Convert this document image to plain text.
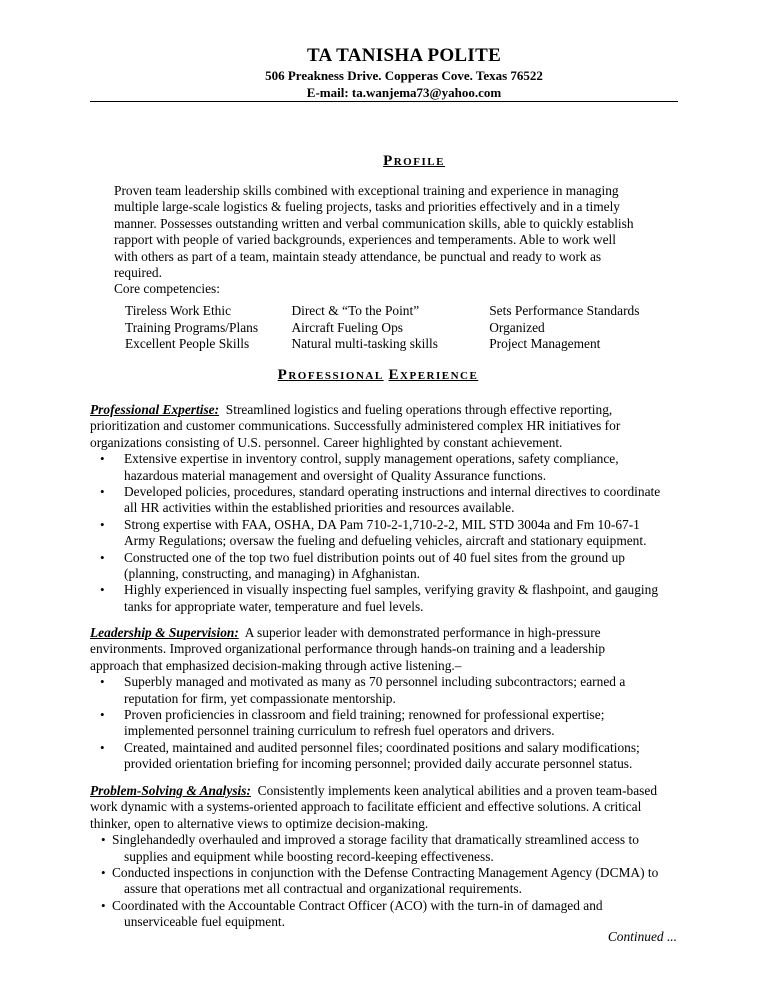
TA TANISHA POLITE
506 Preakness Drive. Copperas Cove. Texas 76522
E-mail: ta.wanjema73@yahoo.com
PROFILE

Proven team leadership skills combined with exceptional training and experience in managing

multiple large-scale logistics & fueling projects, tasks and priorities effectively and in a timely

manner. Possesses outstanding written and verbal communication skills, able to quickly establish

rapport with people of varied backgrounds, experiences and temperaments. Able to work well

with others as part of a team, maintain steady attendance, be punctual and ready to work as

required.

Core competencies:

Tireless Work Ethic	Direct & “To the Point”	Sets Performance Standards
Training Programs/Plans	Aircraft Fueling Ops	Organized
Excellent People Skills	Natural multi-tasking skills	Project Management
PROFESSIONAL EXPERIENCE

Professional Expertise:  Streamlined logistics and fueling operations through effective reporting,

prioritization and customer communications. Successfully administered complex HR initiatives for

organizations consisting of U.S. personnel. Career highlighted by constant achievement.

• Extensive expertise in inventory control, supply management operations, safety compliance,
hazardous material management and oversight of Quality Assurance functions.
• Developed policies, procedures, standard operating instructions and internal directives to coordinate
all HR activities within the established priorities and resources available.
• Strong expertise with FAA, OSHA, DA Pam 710-2-1,710-2-2, MIL STD 3004a and Fm 10-67-1
Army Regulations; oversaw the fueling and defueling vehicles, aircraft and stationary equipment.
• Constructed one of the top two fuel distribution points out of 40 fuel sites from the ground up
(planning, constructing, and managing) in Afghanistan.
• Highly experienced in visually inspecting fuel samples, verifying gravity & flashpoint, and gauging
tanks for appropriate water, temperature and fuel levels.

Leadership & Supervision:  A superior leader with demonstrated performance in high-pressure

environments. Improved organizational performance through hands-on training and a leadership

approach that emphasized decision-making through active listening.–

• Superbly managed and motivated as many as 70 personnel including subcontractors; earned a
reputation for firm, yet compassionate mentorship.
• Proven proficiencies in classroom and field training; renowned for professional expertise;
implemented personnel training curriculum to refresh fuel operators and drivers.
• Created, maintained and audited personnel files; coordinated positions and salary modifications;
provided orientation briefing for incoming personnel; provided daily accurate personnel status.

Problem-Solving & Analysis:  Consistently implements keen analytical abilities and a proven team-based

work dynamic with a systems-oriented approach to facilitate efficient and effective solutions. A critical

thinker, open to alternative views to optimize decision-making.

• Singlehandedly overhauled and improved a storage facility that dramatically streamlined access to
supplies and equipment while boosting record-keeping effectiveness.
• Conducted inspections in conjunction with the Defense Contracting Management Agency (DCMA) to
assure that operations met all contractual and organizational requirements.
• Coordinated with the Accountable Contract Officer (ACO) with the turn-in of damaged and
unserviceable fuel equipment.
Continued ...
